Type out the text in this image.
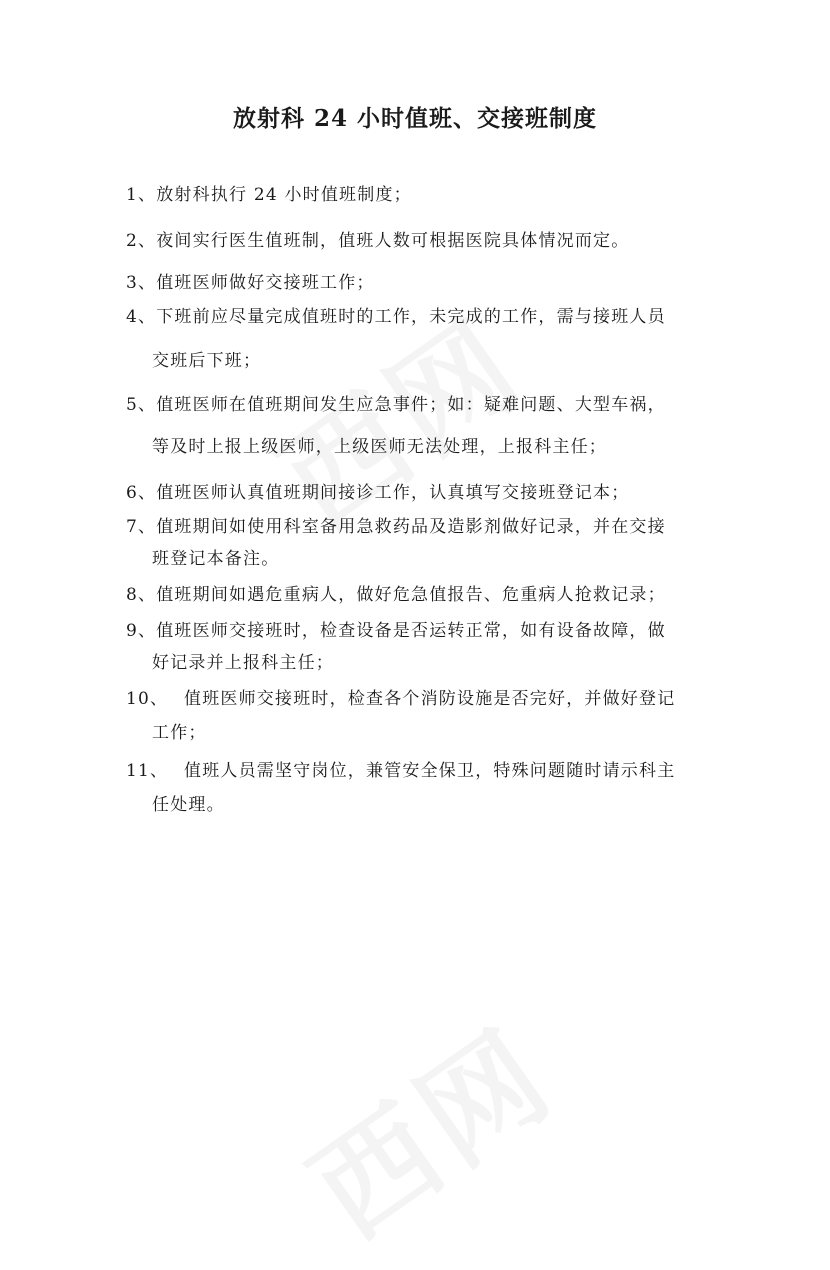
放射科 24 小时值班、交接班制度
1、放射科执行 24 小时值班制度；
2、夜间实行医生值班制，值班人数可根据医院具体情况而定。
3、值班医师做好交接班工作；
4、下班前应尽量完成值班时的工作，未完成的工作，需与接班人员
交班后下班；
5、值班医师在值班期间发生应急事件；如：疑难问题、大型车祸，
等及时上报上级医师，上级医师无法处理，上报科主任；
6、值班医师认真值班期间接诊工作，认真填写交接班登记本；
7、值班期间如使用科室备用急救药品及造影剂做好记录，并在交接
班登记本备注。
8、值班期间如遇危重病人，做好危急值报告、危重病人抢救记录；
9、值班医师交接班时，检查设备是否运转正常，如有设备故障，做
好记录并上报科主任；
10、 值班医师交接班时，检查各个消防设施是否完好，并做好登记
工作；
11、 值班人员需坚守岗位，兼管安全保卫，特殊问题随时请示科主
任处理。
